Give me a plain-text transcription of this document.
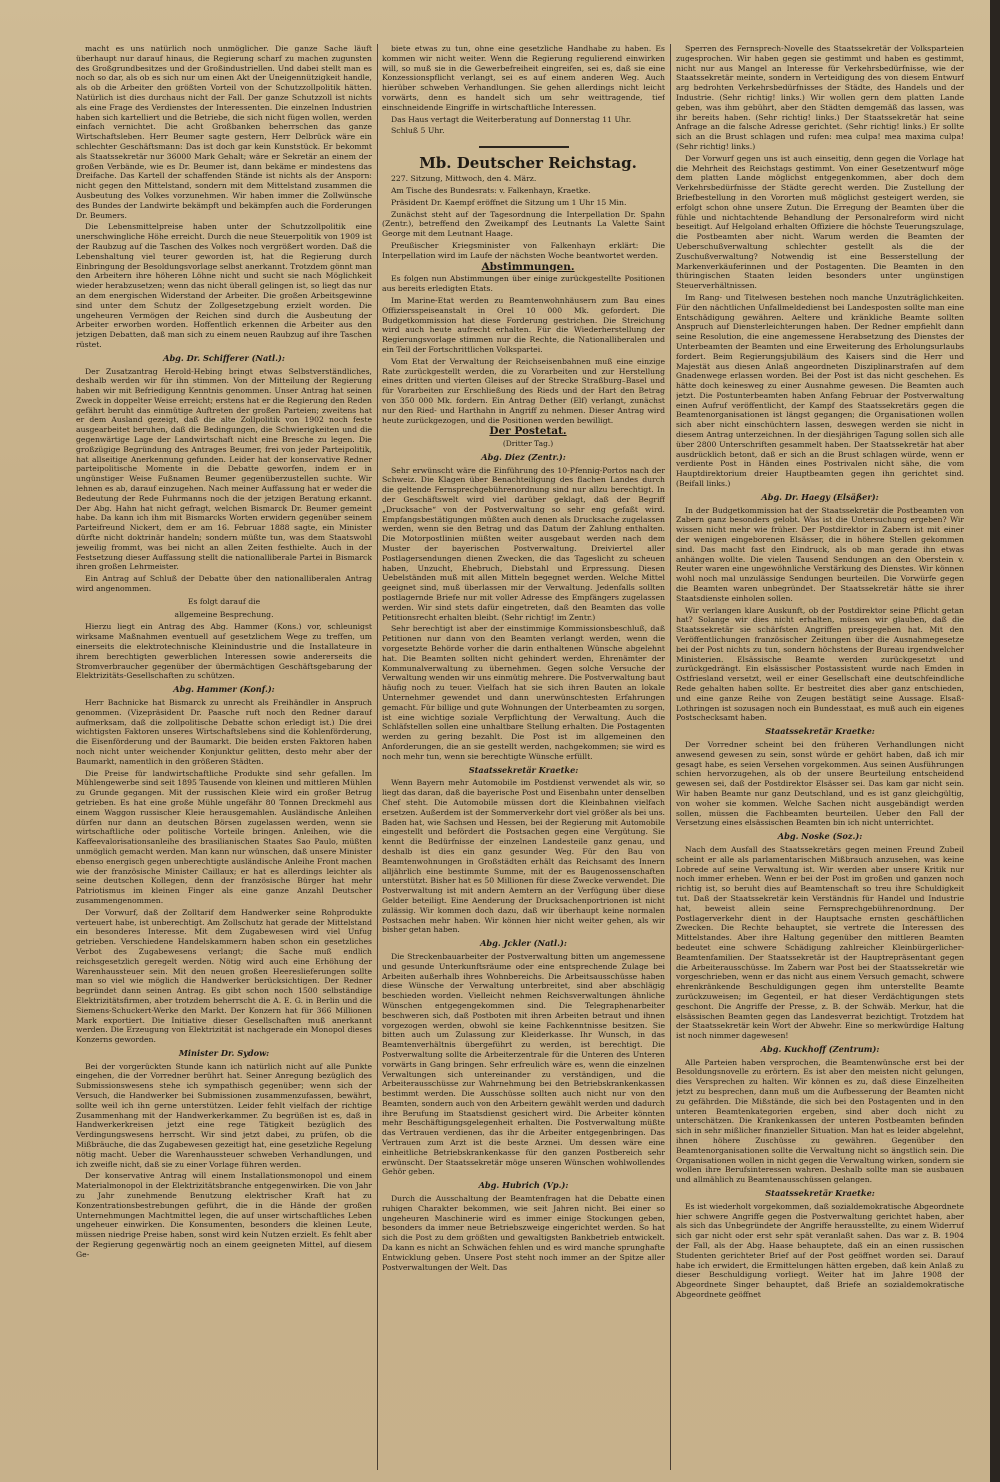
macht es uns natürlich noch unmöglicher. Die ganze Sache läuft überhaupt nur darauf hinaus, die Regierung scharf zu machen zugunsten des Großgrundbesitzes und der Großindustriellen. Und dabei stellt man es noch so dar, als ob es sich nur um einen Akt der Uneigennützigkeit handle, als ob die Arbeiter den größten Vorteil von der Schutzzollpolitik hätten. Natürlich ist dies durchaus nicht der Fall. Der ganze Schutzzoll ist nichts als eine Frage des Verdienstes der Interessenten. Die einzelnen Industrien haben sich kartelliert und die Betriebe, die sich nicht fügen wollen, werden einfach vernichtet. Die acht Großbanken beherrschen das ganze Wirtschaftsleben. Herr Beumer sagte gestern, Herr Delbrück wäre ein schlechter Geschäftsmann: Das ist doch gar kein Kunststück. Er bekommt als Staatssekretär nur 36000 Mark Gehalt; wäre er Sekretär an einem der großen Verbände, wie es Dr. Beumer ist, dann bekäme er mindestens das Dreifache. Das Kartell der schaffenden Stände ist nichts als der Ansporn: nicht gegen den Mittelstand, sondern mit dem Mittelstand zusammen die Ausbeutung des Volkes vorzunehmen. Wir haben immer die Zollwünsche des Bundes der Landwirte bekämpft und bekämpfen auch die Forderungen Dr. Beumers.

Die Lebensmittelpreise haben unter der Schutzzollpolitik eine unerschwingliche Höhe erreicht. Durch die neue Steuerpolitik von 1909 ist der Raubzug auf die Taschen des Volkes noch vergrößert worden. Daß die Lebenshaltung viel teurer geworden ist, hat die Regierung durch Einbringung der Besoldungsvorlage selbst anerkannt. Trotzdem gönnt man den Arbeitern ihre höheren Löhne nicht und sucht sie nach Möglichkeit wieder herabzusetzen; wenn das nicht überall gelingen ist, so liegt das nur an dem energischen Widerstand der Arbeiter. Die großen Arbeitsgewinne sind unter dem Schutz der Zollgesetzgebung erzielt worden. Die ungeheuren Vermögen der Reichen sind durch die Ausbeutung der Arbeiter erworben worden. Hoffentlich erkennen die Arbeiter aus den jetzigen Debatten, daß man sich zu einem neuen Raubzug auf ihre Taschen rüstet.

Abg. Dr. Schifferer (Natl.):

Der Zusatzantrag Herold-Hebing bringt etwas Selbstverständliches, deshalb werden wir für ihn stimmen. Von der Mitteilung der Regierung haben wir mit Befriedigung Kenntnis genommen. Unser Antrag hat seinen Zweck in doppelter Weise erreicht; erstens hat er die Regierung den Reden gefährt beruht das einmütige Auftreten der großen Parteien; zweitens hat er dem Ausland gezeigt, daß die alte Zollpolitik von 1902 noch feste ausgearbeitet beruhen, daß die Bedingungen, die Schwierigkeiten und die gegenwärtige Lage der Landwirtschaft nicht eine Bresche zu legen. Die großzügige Begründung des Antrages Beumer, frei von jeder Parteipolitik, hat allseitige Anerkennung gefunden. Leider hat der konservative Redner parteipolitische Momente in die Debatte geworfen, indem er in ungünstiger Weise Fußnamen Beumer gegenüberzustellen suchte. Wir lehnen es ab, darauf einzugehen. Nach meiner Auffassung hat er weder die Bedeutung der Rede Fuhrmanns noch die der jetzigen Beratung erkannt. Der Abg. Hahn hat nicht gefragt, welchen Bismarck Dr. Beumer gemeint habe. Da kann ich ihm mit Bismarcks Worten erwidern gegenüber seinem Parteifreund Nickert, dem er am 16. Februar 1888 sagte, ein Minister dürfte nicht doktrinär handeln; sondern müßte tun, was dem Staatswohl jeweilig frommt, was bei nicht an allen Zeiten festhielte. Auch in der Festsetzung dieser Auffassung stellt die nationalliberale Partei in Bismarck ihren großen Lehrmeister.

Ein Antrag auf Schluß der Debatte über den nationalliberalen Antrag wird angenommen.

Es folgt darauf die

allgemeine Besprechung.

Hierzu liegt ein Antrag des Abg. Hammer (Kons.) vor, schleunigst wirksame Maßnahmen eventuell auf gesetzlichem Wege zu treffen, um einerseits die elektrotechnische Kleinindustrie und die Installateure in ihrem berechtigten gewerblichen Interessen sowie andererseits die Stromverbraucher gegenüber der übermächtigen Geschäftsgebarung der Elektrizitäts-Gesellschaften zu schützen.

Abg. Hammer (Konf.):

Herr Bachnicke hat Bismarck zu unrecht als Freihändler in Anspruch genommen. (Vizepräsident Dr. Paasche ruft noch den Redner darauf aufmerksam, daß die zollpolitische Debatte schon erledigt ist.) Die drei wichtigsten Faktoren unseres Wirtschaftslebens sind die Kohlenförderung, die Eisenförderung und der Baumarkt. Die beiden ersten Faktoren haben noch nicht unter weichender Konjunktur gelitten, desto mehr aber der Baumarkt, namentlich in den größeren Städten.

Die Preise für landwirtschaftliche Produkte sind sehr gefallen. Im Mühlengewerbe sind seit 1895 Tausende von kleinen und mittleren Mühlen zu Grunde gegangen. Mit der russischen Kleie wird ein großer Betrug getrieben. Es hat eine große Mühle ungefähr 80 Tonnen Dreckmehl aus einem Waggon russischer Kleie herausgemahlen. Ausländische Anleihen dürfen nur dann an deutschen Börsen zugelassen werden, wenn sie wirtschaftliche oder politische Vorteile bringen. Anleihen, wie die Kaffeevalorisationsanleihe des brasilianischen Staates Sao Paulo, müßten unmöglich gemacht werden. Man kann nur wünschen, daß unsere Minister ebenso energisch gegen unberechtigte ausländische Anleihe Front machen wie der französische Minister Caillaux; er hat es allerdings leichter als seine deutschen Kollegen, denn der französische Bürger hat mehr Patriotismus im kleinen Finger als eine ganze Anzahl Deutscher zusammengenommen.

Der Vorwurf, daß der Zolltarif dem Handwerker seine Rohprodukte verteuert habe, ist unberechtigt. Am Zollschutz hat gerade der Mittelstand ein besonderes Interesse. Mit dem Zugabewesen wird viel Unfug getrieben. Verschiedene Handelskammern haben schon ein gesetzliches Verbot des Zugabewesens verlangt; die Sache muß endlich reichsgesetzlich geregelt werden. Nötig wird auch eine Erhöhung der Warenhaussteuer sein. Mit den neuen großen Heereslieferungen sollte man so viel wie möglich die Handwerker berücksichtigen. Der Redner begründet dann seinen Antrag. Es gibt schon noch 1500 selbständige Elektrizitätsfirmen, aber trotzdem beherrscht die A. E. G. in Berlin und die Siemens-Schuckert-Werke den Markt. Der Konzern hat für 366 Millionen Mark exportiert. Die Initiative dieser Gesellschaften muß anerkannt werden. Die Erzeugung von Elektrizität ist nachgerade ein Monopol dieses Konzerns geworden.

Minister Dr. Sydow:

Bei der vorgerückten Stunde kann ich natürlich nicht auf alle Punkte eingehen, die der Vorredner berührt hat. Seiner Anregung bezüglich des Submissionswesens stehe ich sympathisch gegenüber; wenn sich der Versuch, die Handwerker bei Submissionen zusammenzufassen, bewährt, sollte weil ich ihn gerne unterstützen. Leider fehlt vielfach der richtige Zusammenhang mit der Handwerkerkammer. Zu begrüßen ist es, daß in Handwerkerkreisen jetzt eine rege Tätigkeit bezüglich des Verdingungswesens herrscht. Wir sind jetzt dabei, zu prüfen, ob die Mißbräuche, die das Zugabewesen gezeitigt hat, eine gesetzliche Regelung nötig macht. Ueber die Warenhaussteuer schweben Verhandlungen, und ich zweifle nicht, daß sie zu einer Vorlage führen werden.

Der konservative Antrag will einem Installationsmonopol und einem Materialmonopol in der Elektrizitätsbranche entgegenwirken. Die von Jahr zu Jahr zunehmende Benutzung elektrischer Kraft hat zu Konzentrationsbestrebungen geführt, die in die Hände der großen Unternehmungen Machtmittel legen, die auf unser wirtschaftliches Leben ungeheuer einwirken. Die Konsumenten, besonders die kleinen Leute, müssen niedrige Preise haben, sonst wird kein Nutzen erzielt. Es fehlt aber der Regierung gegenwärtig noch an einem geeigneten Mittel, auf diesem Ge-

biete etwas zu tun, ohne eine gesetzliche Handhabe zu haben. Es kommen wir nicht weiter. Wenn die Regierung regulierend einwirken will, so muß sie in die Gewerbefreiheit eingreifen, sei es, daß sie eine Konzessionspflicht verlangt, sei es auf einem anderen Weg. Auch hierüber schweben Verhandlungen. Sie gehen allerdings nicht leicht vorwärts, denn es handelt sich um sehr weittragende, tief einschneidende Eingriffe in wirtschaftliche Interessen.

Das Haus vertagt die Weiterberatung auf Donnerstag 11 Uhr.

Schluß 5 Uhr.

Mb. Deutscher Reichstag.

227. Sitzung, Mittwoch, den 4. März.

Am Tische des Bundesrats: v. Falkenhayn, Kraetke.

Präsident Dr. Kaempf eröffnet die Sitzung um 1 Uhr 15 Min.

Zunächst steht auf der Tagesordnung die Interpellation Dr. Spahn (Zentr.), betreffend den Zweikampf des Leutnants La Valette Saint George mit dem Leutnant Haage.

Preußischer Kriegsminister von Falkenhayn erklärt: Die Interpellation wird im Laufe der nächsten Woche beantwortet werden.

Abstimmungen.

Es folgen nun Abstimmungen über einige zurückgestellte Positionen aus bereits erledigten Etats.

Im Marine-Etat werden zu Beamtenwohnhäusern zum Bau eines Offiziersspeiseanstalt in Orel 10 000 Mk. gefordert. Die Budgetkommission hat diese Forderung gestrichen. Die Streichung wird auch heute aufrecht erhalten. Für die Wiederherstellung der Regierungsvorlage stimmen nur die Rechte, die Nationalliberalen und ein Teil der Fortschrittlichen Volkspartei.

Vom Etat der Verwaltung der Reichseisenbahnen muß eine einzige Rate zurückgestellt werden, die zu Vorarbeiten und zur Herstellung eines dritten und vierten Gleises auf der Strecke Straßburg–Basel und für Vorarbeiten zur Erschließung des Rieds und der Hart den Betrag von 350 000 Mk. fordern. Ein Antrag Dether (Elf) verlangt, zunächst nur den Ried- und Harthahn in Angriff zu nehmen. Dieser Antrag wird heute zurückgezogen, und die Positionen werden bewilligt.

Der Postetat.

(Dritter Tag.)

Abg. Diez (Zentr.):

Sehr erwünscht wäre die Einführung des 10-Pfennig-Portos nach der Schweiz. Die Klagen über Benachteiligung des flachen Landes durch die geltende Fernsprechgebührenordnung sind nur allzu berechtigt. In der Geschäftswelt wird viel darüber geklagt, daß der Begriff „Drucksache“ von der Postverwaltung so sehr eng gefaßt wird. Empfangsbestätigungen müßten auch denen als Drucksache zugelassen werden, wenn sie den Betrag und das Datum der Zahlung enthalten. Die Motorpostlinien müßten weiter ausgebaut werden nach dem Muster der bayerischen Postverwaltung. Dreiviertel aller Postlagersendungen dienen Zwecken, die das Tageslicht zu scheuen haben, Unzucht, Ehebruch, Diebstahl und Erpressung. Diesen Uebelständen muß mit allen Mitteln begegnet werden. Welche Mittel geeignet sind, muß überlassen mir der Verwaltung. Jedenfalls sollten postlagernde Briefe nur mit voller Adresse des Empfängers zugelassen werden. Wir sind stets dafür eingetreten, daß den Beamten das volle Petitionsrecht erhalten bleibt. (Sehr richtig! im Zentr.)

Sehr berechtigt ist aber der einstimmige Kommissionsbeschluß, daß Petitionen nur dann von den Beamten verlangt werden, wenn die vorgesetzte Behörde vorher die darin enthaltenen Wünsche abgelehnt hat. Die Beamten sollten nicht gehindert werden, Ehrenämter der Kommunalverwaltung zu übernehmen. Gegen solche Versuche der Verwaltung wenden wir uns einmütig mehrere. Die Postverwaltung baut häufig noch zu teuer. Vielfach hat sie sich ihren Bauten an lokale Unternehmer gewendet und dann unerwünschtesten Erfahrungen gemacht. Für billige und gute Wohnungen der Unterbeamten zu sorgen, ist eine wichtige soziale Verpflichtung der Verwaltung. Auch die Schläfstellen sollen eine unhaltbare Stellung erhalten. Die Postagenten werden zu gering bezahlt. Die Post ist im allgemeinen den Anforderungen, die an sie gestellt werden, nachgekommen; sie wird es noch mehr tun, wenn sie berechtigte Wünsche erfüllt.

Staatssekretär Kraetke:

Wenn Bayern mehr Automobile im Postdienst verwendet als wir, so liegt das daran, daß die bayerische Post und Eisenbahn unter denselben Chef steht. Die Automobile müssen dort die Kleinbahnen vielfach ersetzen. Außerdem ist der Sommerverkehr dort viel größer als bei uns. Baden hat, wie Sachsen und Hessen, bei der Regierung mit Automobile eingestellt und befördert die Postsachen gegen eine Vergütung. Sie kennt die Bedürfnisse der einzelnen Landesteile ganz genau, und deshalb ist dies ein ganz gesunder Weg. Für den Bau von Beamtenwohnungen in Großstädten erhält das Reichsamt des Innern alljährlich eine bestimmte Summe, mit der es Baugenossenschaften unterstützt. Bisher hat es 50 Millionen für diese Zwecke verwendet. Die Postverwaltung ist mit andern Aemtern an der Verfügung über diese Gelder beteiligt. Eine Aenderung der Drucksachenportrionen ist nicht zulässig. Wir kommen doch dazu, daß wir überhaupt keine normalen Postsachen mehr haben. Wir können hier nicht weiter gehen, als wir bisher getan haben.

Abg. Jckler (Natl.):

Die Streckenbauarbeiter der Postverwaltung bitten um angemessene und gesunde Unterkunftsräume oder eine entsprechende Zulage bei Arbeiten außerhalb ihres Wohnbereichs. Die Arbeitsausschüsse haben diese Wünsche der Verwaltung unterbreitet, sind aber abschlägig beschieden worden. Vielleicht nehmen Reichsverwaltungen ähnliche Wünschen entgegengekommen sind. Die Telegraphenarbeiter beschweren sich, daß Postboten mit ihren Arbeiten betraut und ihnen vorgezogen werden, obwohl sie keine Fachkenntnisse besitzen. Sie bitten auch um Zulassung zur Kleiderkasse. Ihr Wunsch, in das Beamtenverhältnis übergeführt zu werden, ist berechtigt. Die Postverwaltung sollte die Arbeiterzentrale für die Unteren des Unteren vorwärts in Gang bringen. Sehr erfreulich wäre es, wenn die einzelnen Verwaltungen sich untereinander zu verständigen, und die Arbeiterausschüsse zur Wahrnehmung bei den Betriebskrankenkassen bestimmt werden. Die Ausschüsse sollten auch nicht nur von den Beamten, sondern auch von den Arbeitern gewählt werden und dadurch ihre Berufung im Staatsdienst gesichert wird. Die Arbeiter könnten mehr Beschäftigungsgelegenheit erhalten. Die Postverwaltung müßte das Vertrauen verdienen, das ihr die Arbeiter entgegenbringen. Das Vertrauen zum Arzt ist die beste Arznei. Um dessen wäre eine einheitliche Betriebskrankenkasse für den ganzen Postbereich sehr erwünscht. Der Staatssekretär möge unseren Wünschen wohlwollendes Gehör geben.

Abg. Hubrich (Vp.):

Durch die Ausschaltung der Beamtenfragen hat die Debatte einen ruhigen Charakter bekommen, wie seit Jahren nicht. Bei einer so ungeheuren Maschinerie wird es immer einige Stockungen geben, besonders da immer neue Betriebszweige eingerichtet werden. So hat sich die Post zu dem größten und gewaltigsten Bankbetrieb entwickelt. Da kann es nicht an Schwächen fehlen und es wird manche sprunghafte Entwicklung geben. Unsere Post steht noch immer an der Spitze aller Postverwaltungen der Welt. Das

Sperren des Fernsprech-Novelle des Staatssekretär der Volksparteien zugesprochen. Wir haben gegen sie gestimmt und haben es gestimmt, nicht nur aus Mangel an Interesse für Verkehrsbedürfnisse, wie der Staatssekretär meinte, sondern in Verteidigung des von diesem Entwurf arg bedrohten Verkehrsbedürfnisses der Städte, des Handels und der Industrie. (Sehr richtig! links.) Wir wollen gern dem platten Lande geben, was ihm gebührt, aber den Städten demgemäß das lassen, was ihr bereits haben. (Sehr richtig! links.) Der Staatssekretär hat seine Anfrage an die falsche Adresse gerichtet. (Sehr richtig! links.) Er sollte sich an die Brust schlagen und rufen: mea culpa! mea maxima culpa! (Sehr richtig! links.)

Der Vorwurf gegen uns ist auch einseitig, denn gegen die Vorlage hat die Mehrheit des Reichstags gestimmt. Von einer Gesetzentwurf möge dem platten Lande möglichst entgegenkommen, aber doch dem Verkehrsbedürfnisse der Städte gerecht werden. Die Zustellung der Briefbestellung in den Vororten muß möglichst gesteigert werden, sie erfolgt schon ohne unsere Zutun. Die Erregung der Beamten über die fühle und nichtachtende Behandlung der Personalreform wird nicht beseitigt. Auf Helgoland erhalten Offiziere die höchste Teuerungszulage, die Postbeamten aber nicht. Warum werden die Beamten der Ueberschußverwaltung schlechter gestellt als die der Zuschußverwaltung? Notwendig ist eine Besserstellung der Markenverkäuferinnen und der Postagenten. Die Beamten in den thüringischen Staaten leiden besonders unter ungünstigen Steuerverhältnissen.

Im Rang- und Titelwesen bestehen noch manche Unzuträglichkeiten. Für den nächtlichen Unfallmeldedienst bei Landesposten sollte man eine Entschädigung gewähren. Aeltere und kränkliche Beamte sollten Anspruch auf Diensterleichterungen haben. Der Redner empfiehlt dann seine Resolution, die eine angemessene Herabsetzung des Dienstes der Unterbeamten der Beamten und eine Erweiterung des Erholungsurlaubs fordert. Beim Regierungsjubiläum des Kaisers sind die Herr und Majestät aus diesen Anlaß angeordneten Disziplinarstrafen auf dem Gnadenwege erlassen worden. Bei der Post ist das nicht geschehen. Es hätte doch keinesweg zu einer Ausnahme gewesen. Die Beamten auch jetzt. Die Postunterbeamten haben Anfang Februar der Postverwaltung einen Aufruf veröffentlicht, der Kampf des Staatssekretärs gegen die Beamtenorganisationen ist längst gegangen; die Organisationen wollen sich aber nicht einschüchtern lassen, deswegen werden sie nicht in diesem Antrag unterzeichnen. In der diesjährigen Tagung sollen sich alle über 2800 Unterschriften gesammelt haben. Der Staatssekretär hat aber ausdrücklich betont, daß er sich an die Brust schlagen würde, wenn er verdiente Post in Händen eines Postrivalen nicht sähe, die vom Hauptdirektorium dreier Hauptbeamten gegen ihn gerichtet sind. (Beifall links.)

Abg. Dr. Haegy (Elsäßer):

In der Budgetkommission hat der Staatssekretär die Postbeamten von Zabern ganz besonders gelobt. Was ist die Untersuchung ergeben? Wir wissen nicht mehr wie früher. Der Postdirektor in Zabern ist mit einer der wenigen eingeborenen Elsässer, die in höhere Stellen gekommen sind. Das macht fast den Eindruck, als ob man gerade ihn etwas anhängen wollte. Die vielen Tausend Sendungen an den Oberstein v. Reuter waren eine ungewöhnliche Verstärkung des Dienstes. Wir können wohl noch mal unzulässige Sendungen beurteilen. Die Vorwürfe gegen die Beamten waren unbegründet. Der Staatssekretär hätte sie ihrer Staatsdienste einholen sollen.

Wir verlangen klare Auskunft, ob der Postdirektor seine Pflicht getan hat? Solange wir dies nicht erhalten, müssen wir glauben, daß die Staatssekretär sie schärfsten Angriffen preisgegeben hat. Mit den Veröffentlichungen französischer Zeitungen über die Ausnahmegesetze bei der Post nichts zu tun, sondern höchstens der Bureau irgendwelcher Ministerien. Elsässische Beamte werden zurückgesetzt und zurückgedrängt. Ein elsässischer Postassistent wurde nach Emden in Ostfriesland versetzt, weil er einer Gesellschaft eine deutschfeindliche Rede gehalten haben sollte. Er bestreitet dies aber ganz entschieden, und eine ganze Reihe von Zeugen bestätigt seine Aussage. Elsaß-Lothringen ist sozusagen noch ein Bundesstaat, es muß auch ein eigenes Postschecksamt haben.

Staatssekretär Kraetke:

Der Vorredner scheint bei den früheren Verhandlungen nicht anwesend gewesen zu sein, sonst würde er gehört haben, daß ich mir gesagt habe, es seien Versehen vorgekommen. Aus seinen Ausführungen schien hervorzugehen, als ob der unsere Beurteilung entscheidend gewesen sei, daß der Postdirektor Elsässer sei. Das kam gar nicht sein. Wir haben Beamte nur ganz Deutschland, und es ist ganz gleichgültig, von woher sie kommen. Welche Sachen nicht ausgebändigt werden sollen, müssen die Fachbeamten beurteilen. Ueber den Fall der Versetzung eines elsässischen Beamten bin ich nicht unterrichtet.

Abg. Noske (Soz.):

Nach dem Ausfall des Staatssekretärs gegen meinen Freund Zubeil scheint er alle als parlamentarischen Mißbrauch anzusehen, was keine Lobrede auf seine Verwaltung ist. Wir werden aber unsere Kritik nur noch immer erheben. Wenn er bei der Post im großen und ganzen noch richtig ist, so beruht dies auf Beamtenschaft so treu ihre Schuldigkeit tut. Daß der Staatssekretär kein Verständnis für Handel und Industrie hat, beweist allein seine Fernsprechgebührenordnung. Der Postlagerverkehr dient in der Hauptsache ernsten geschäftlichen Zwecken. Die Rechte behauptet, sie vertrete die Interessen des Mittelstandes. Aber ihre Haltung gegenüber den mittleren Beamten bedeutet eine schwere Schädigung zahlreicher Kleinbürgerlicher-Beamtenfamilien. Der Staatssekretär ist der Hauptrepräsentant gegen die Arbeiterausschüsse. Im Zabern war Post bei der Staatssekretär wie vorgeschrieben, wenn er das nicht aus einem Versuch gemacht, schwere ehrenkränkende Beschuldigungen gegen ihm unterstellte Beamte zurückzuweisen; im Gegenteil, er hat dieser Verdächtigungen stets geschont. Die Angriffe der Presse, z. B. der Schwäb. Merkur, hat die elsässischen Beamten gegen das Landesverrat bezichtigt. Trotzdem hat der Staatssekretär kein Wort der Abwehr. Eine so merkwürdige Haltung ist noch nimmer dagewesen!

Abg. Kuckhoff (Zentrum):

Alle Parteien haben versprochen, die Beamtenwünsche erst bei der Besoldungsnovelle zu erörtern. Es ist aber den meisten nicht gelungen, dies Versprechen zu halten. Wir können es zu, daß diese Einzelheiten jetzt zu besprechen, dann muß um die Aufbesserung der Beamten nicht zu gefährden. Die Mißstände, die sich bei den Postagenten und in den unteren Beamtenkategorien ergeben, sind aber doch nicht zu unterschätzen. Die Krankenkassen der unteren Postbeamten befinden sich in sehr mißlicher finanzieller Situation. Man hat es leider abgelehnt, ihnen höhere Zuschüsse zu gewähren. Gegenüber den Beamtenorganisationen sollte die Verwaltung nicht so ängstlich sein. Die Organisationen wollen in nicht gegen die Verwaltung wirken, sondern sie wollen ihre Berufsinteressen wahren. Deshalb sollte man sie ausbauen und allmählich zu Beamtenausschüssen gelangen.

Staatssekretär Kraetke:

Es ist wiederholt vorgekommen, daß sozialdemokratische Abgeordnete hier schwere Angriffe gegen die Postverwaltung gerichtet haben, aber als sich das Unbegründete der Angriffe herausstellte, zu einem Widerruf sich gar nicht oder erst sehr spät veranlaßt sahen. Das war z. B. 1904 der Fall, als der Abg. Haase behauptete, daß ein an einen russischen Studenten gerichteter Brief auf der Post geöffnet worden sei. Darauf habe ich erwidert, die Ermittelungen hätten ergeben, daß kein Anlaß zu dieser Beschuldigung vorliegt. Weiter hat im Jahre 1908 der Abgeordnete Singer behauptet, daß Briefe an sozialdemokratische Abgeordnete geöffnet
